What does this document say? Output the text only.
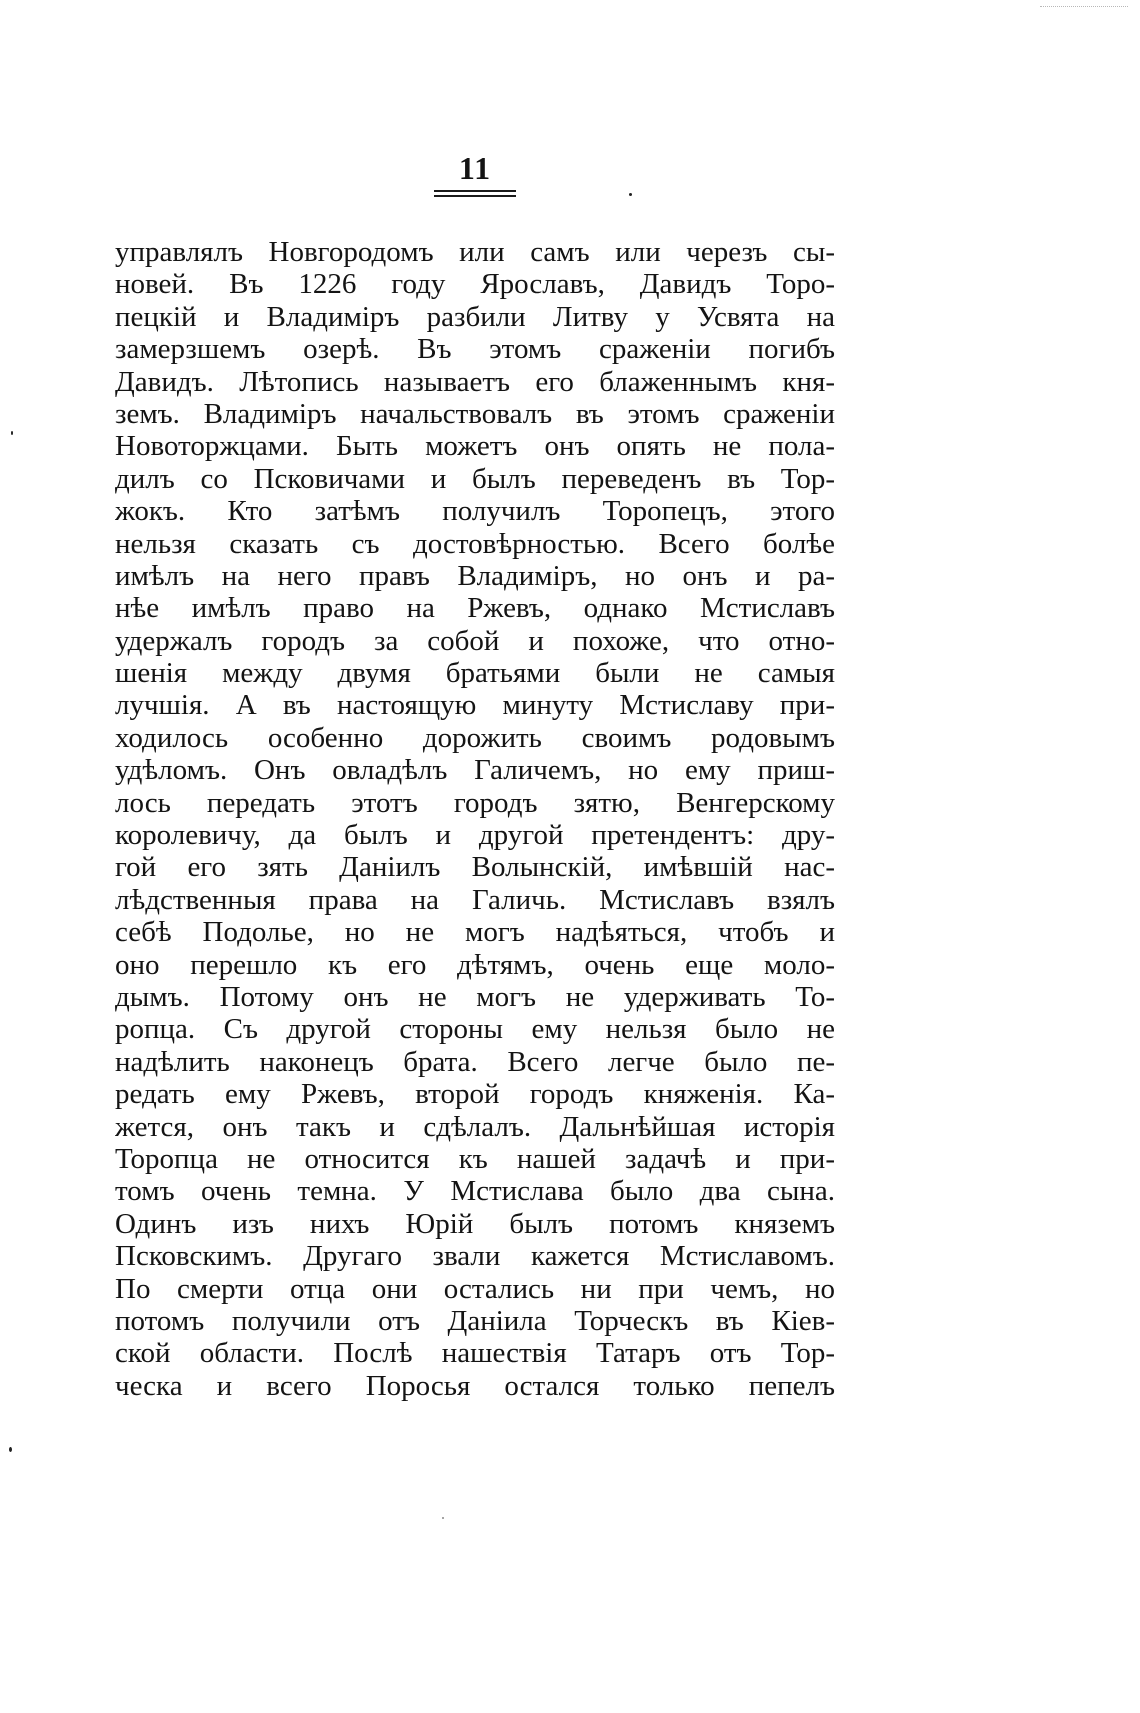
11
управлялъ Новгородомъ или самъ или черезъ сы-
новей. Въ 1226 году Ярославъ, Давидъ Торо-
пецкій и Владиміръ разбили Литву у Усвята на
замерзшемъ озерѣ. Въ этомъ сраженіи погибъ
Давидъ. Лѣтопись называетъ его блаженнымъ кня-
земъ. Владиміръ начальствовалъ въ этомъ сраженіи
Новоторжцами. Быть можетъ онъ опять не пола-
дилъ со Псковичами и былъ переведенъ въ Тор-
жокъ. Кто затѣмъ получилъ Торопецъ, этого
нельзя сказать съ достовѣрностью. Всего болѣе
имѣлъ на него правъ Владиміръ, но онъ и ра-
нѣе имѣлъ право на Ржевъ, однако Мстиславъ
удержалъ городъ за собой и похоже, что отно-
шенія между двумя братьями были не самыя
лучшія. А въ настоящую минуту Мстиславу при-
ходилось особенно дорожить своимъ родовымъ
удѣломъ. Онъ овладѣлъ Галичемъ, но ему приш-
лось передать этотъ городъ зятю, Венгерскому
королевичу, да былъ и другой претендентъ: дру-
гой его зять Даніилъ Волынскій, имѣвшій нас-
лѣдственныя права на Галичь. Мстиславъ взялъ
себѣ Подолье, но не могъ надѣяться, чтобъ и
оно перешло къ его дѣтямъ, очень еще моло-
дымъ. Потому онъ не могъ не удерживать То-
ропца. Съ другой стороны ему нельзя было не
надѣлить наконецъ брата. Всего легче было пе-
редать ему Ржевъ, второй городъ княженія. Ка-
жется, онъ такъ и сдѣлалъ. Дальнѣйшая исторія
Торопца не относится къ нашей задачѣ и при-
томъ очень темна. У Мстислава было два сына.
Одинъ изъ нихъ Юрій былъ потомъ княземъ
Псковскимъ. Другаго звали кажется Мстиславомъ.
По смерти отца они остались ни при чемъ, но
потомъ получили отъ Даніила Торческъ въ Кіев-
ской области. Послѣ нашествія Татаръ отъ Тор-
ческа и всего Поросья остался только пепелъ
